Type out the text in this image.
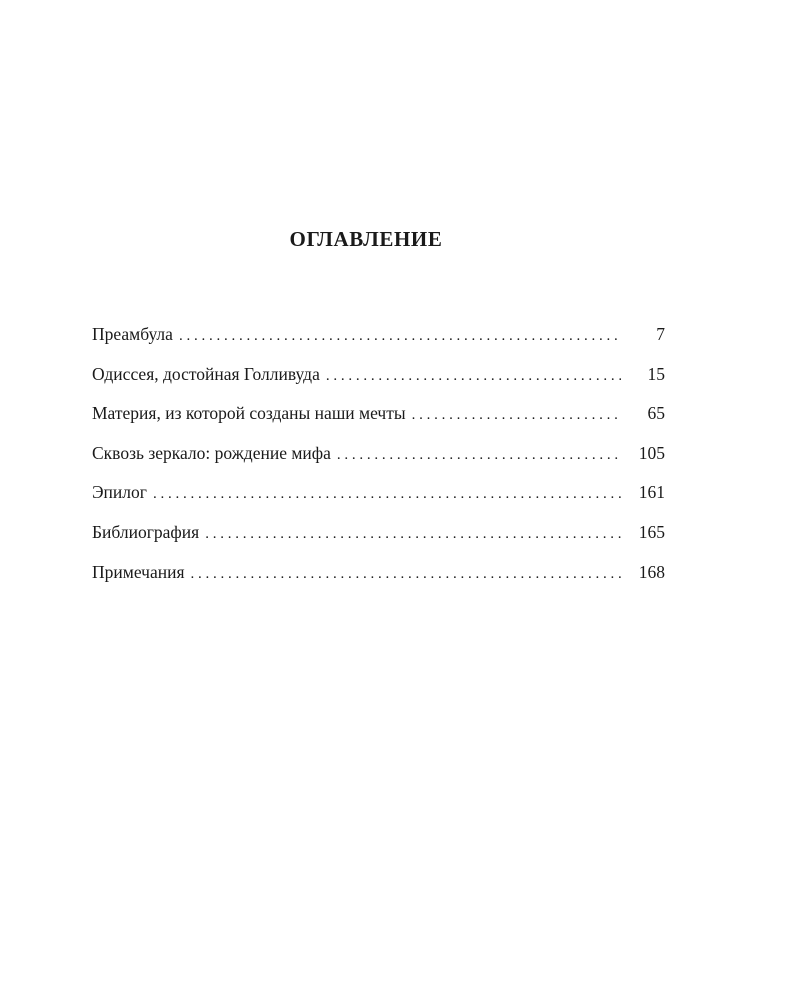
ОГЛАВЛЕНИЕ
Преамбула . . .	7
Одиссея, достойная Голливуда . . .	15
Материя, из которой созданы наши мечты . . .	65
Сквозь зеркало: рождение мифа . . .	105
Эпилог . . .	161
Библиография . . .	165
Примечания . . .	168
